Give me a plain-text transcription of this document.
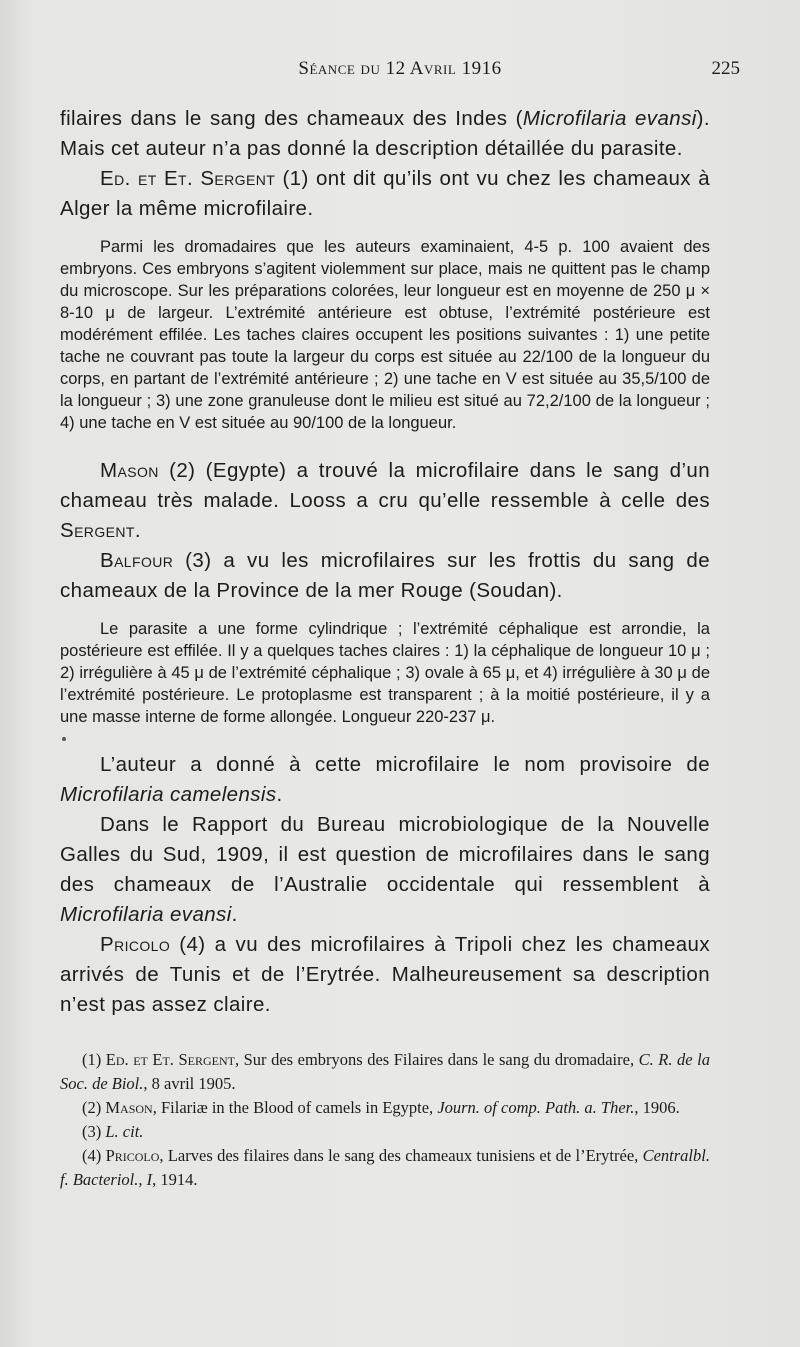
Séance du 12 Avril 1916	225

filaires dans le sang des chameaux des Indes (Microfilaria evansi). Mais cet auteur n’a pas donné la description détaillée du parasite.

Ed. et Et. Sergent (1) ont dit qu’ils ont vu chez les chameaux à Alger la même microfilaire.

Parmi les dromadaires que les auteurs examinaient, 4-5 p. 100 avaient des embryons. Ces embryons s’agitent violemment sur place, mais ne quittent pas le champ du microscope. Sur les préparations colorées, leur longueur est en moyenne de 250 μ × 8-10 μ de largeur. L’extrémité antérieure est obtuse, l’extrémité postérieure est modérément effilée. Les taches claires occupent les positions suivantes : 1) une petite tache ne couvrant pas toute la largeur du corps est située au 22/100 de la longueur du corps, en partant de l’extrémité antérieure ; 2) une tache en V est située au 35,5/100 de la longueur ; 3) une zone granuleuse dont le milieu est situé au 72,2/100 de la longueur ; 4) une tache en V est située au 90/100 de la longueur.

Mason (2) (Egypte) a trouvé la microfilaire dans le sang d’un chameau très malade. Looss a cru qu’elle ressemble à celle des Sergent.

Balfour (3) a vu les microfilaires sur les frottis du sang de chameaux de la Province de la mer Rouge (Soudan).

Le parasite a une forme cylindrique ; l’extrémité céphalique est arrondie, la postérieure est effilée. Il y a quelques taches claires : 1) la céphalique de longueur 10 μ ; 2) irrégulière à 45 μ de l’extrémité céphalique ; 3) ovale à 65 μ, et 4) irrégulière à 30 μ de l’extrémité postérieure. Le protoplasme est transparent ; à la moitié postérieure, il y a une masse interne de forme allongée. Longueur 220-237 μ.

L’auteur a donné à cette microfilaire le nom provisoire de Microfilaria camelensis.

Dans le Rapport du Bureau microbiologique de la Nouvelle Galles du Sud, 1909, il est question de microfilaires dans le sang des chameaux de l’Australie occidentale qui ressemblent à Microfilaria evansi.

Pricolo (4) a vu des microfilaires à Tripoli chez les chameaux arrivés de Tunis et de l’Erytrée. Malheureusement sa description n’est pas assez claire.

(1) Ed. et Et. Sergent, Sur des embryons des Filaires dans le sang du dromadaire, C. R. de la Soc. de Biol., 8 avril 1905.

(2) Mason, Filariæ in the Blood of camels in Egypte, Journ. of comp. Path. a. Ther., 1906.

(3) L. cit.

(4) Pricolo, Larves des filaires dans le sang des chameaux tunisiens et de l’Erytrée, Centralbl. f. Bacteriol., I, 1914.
